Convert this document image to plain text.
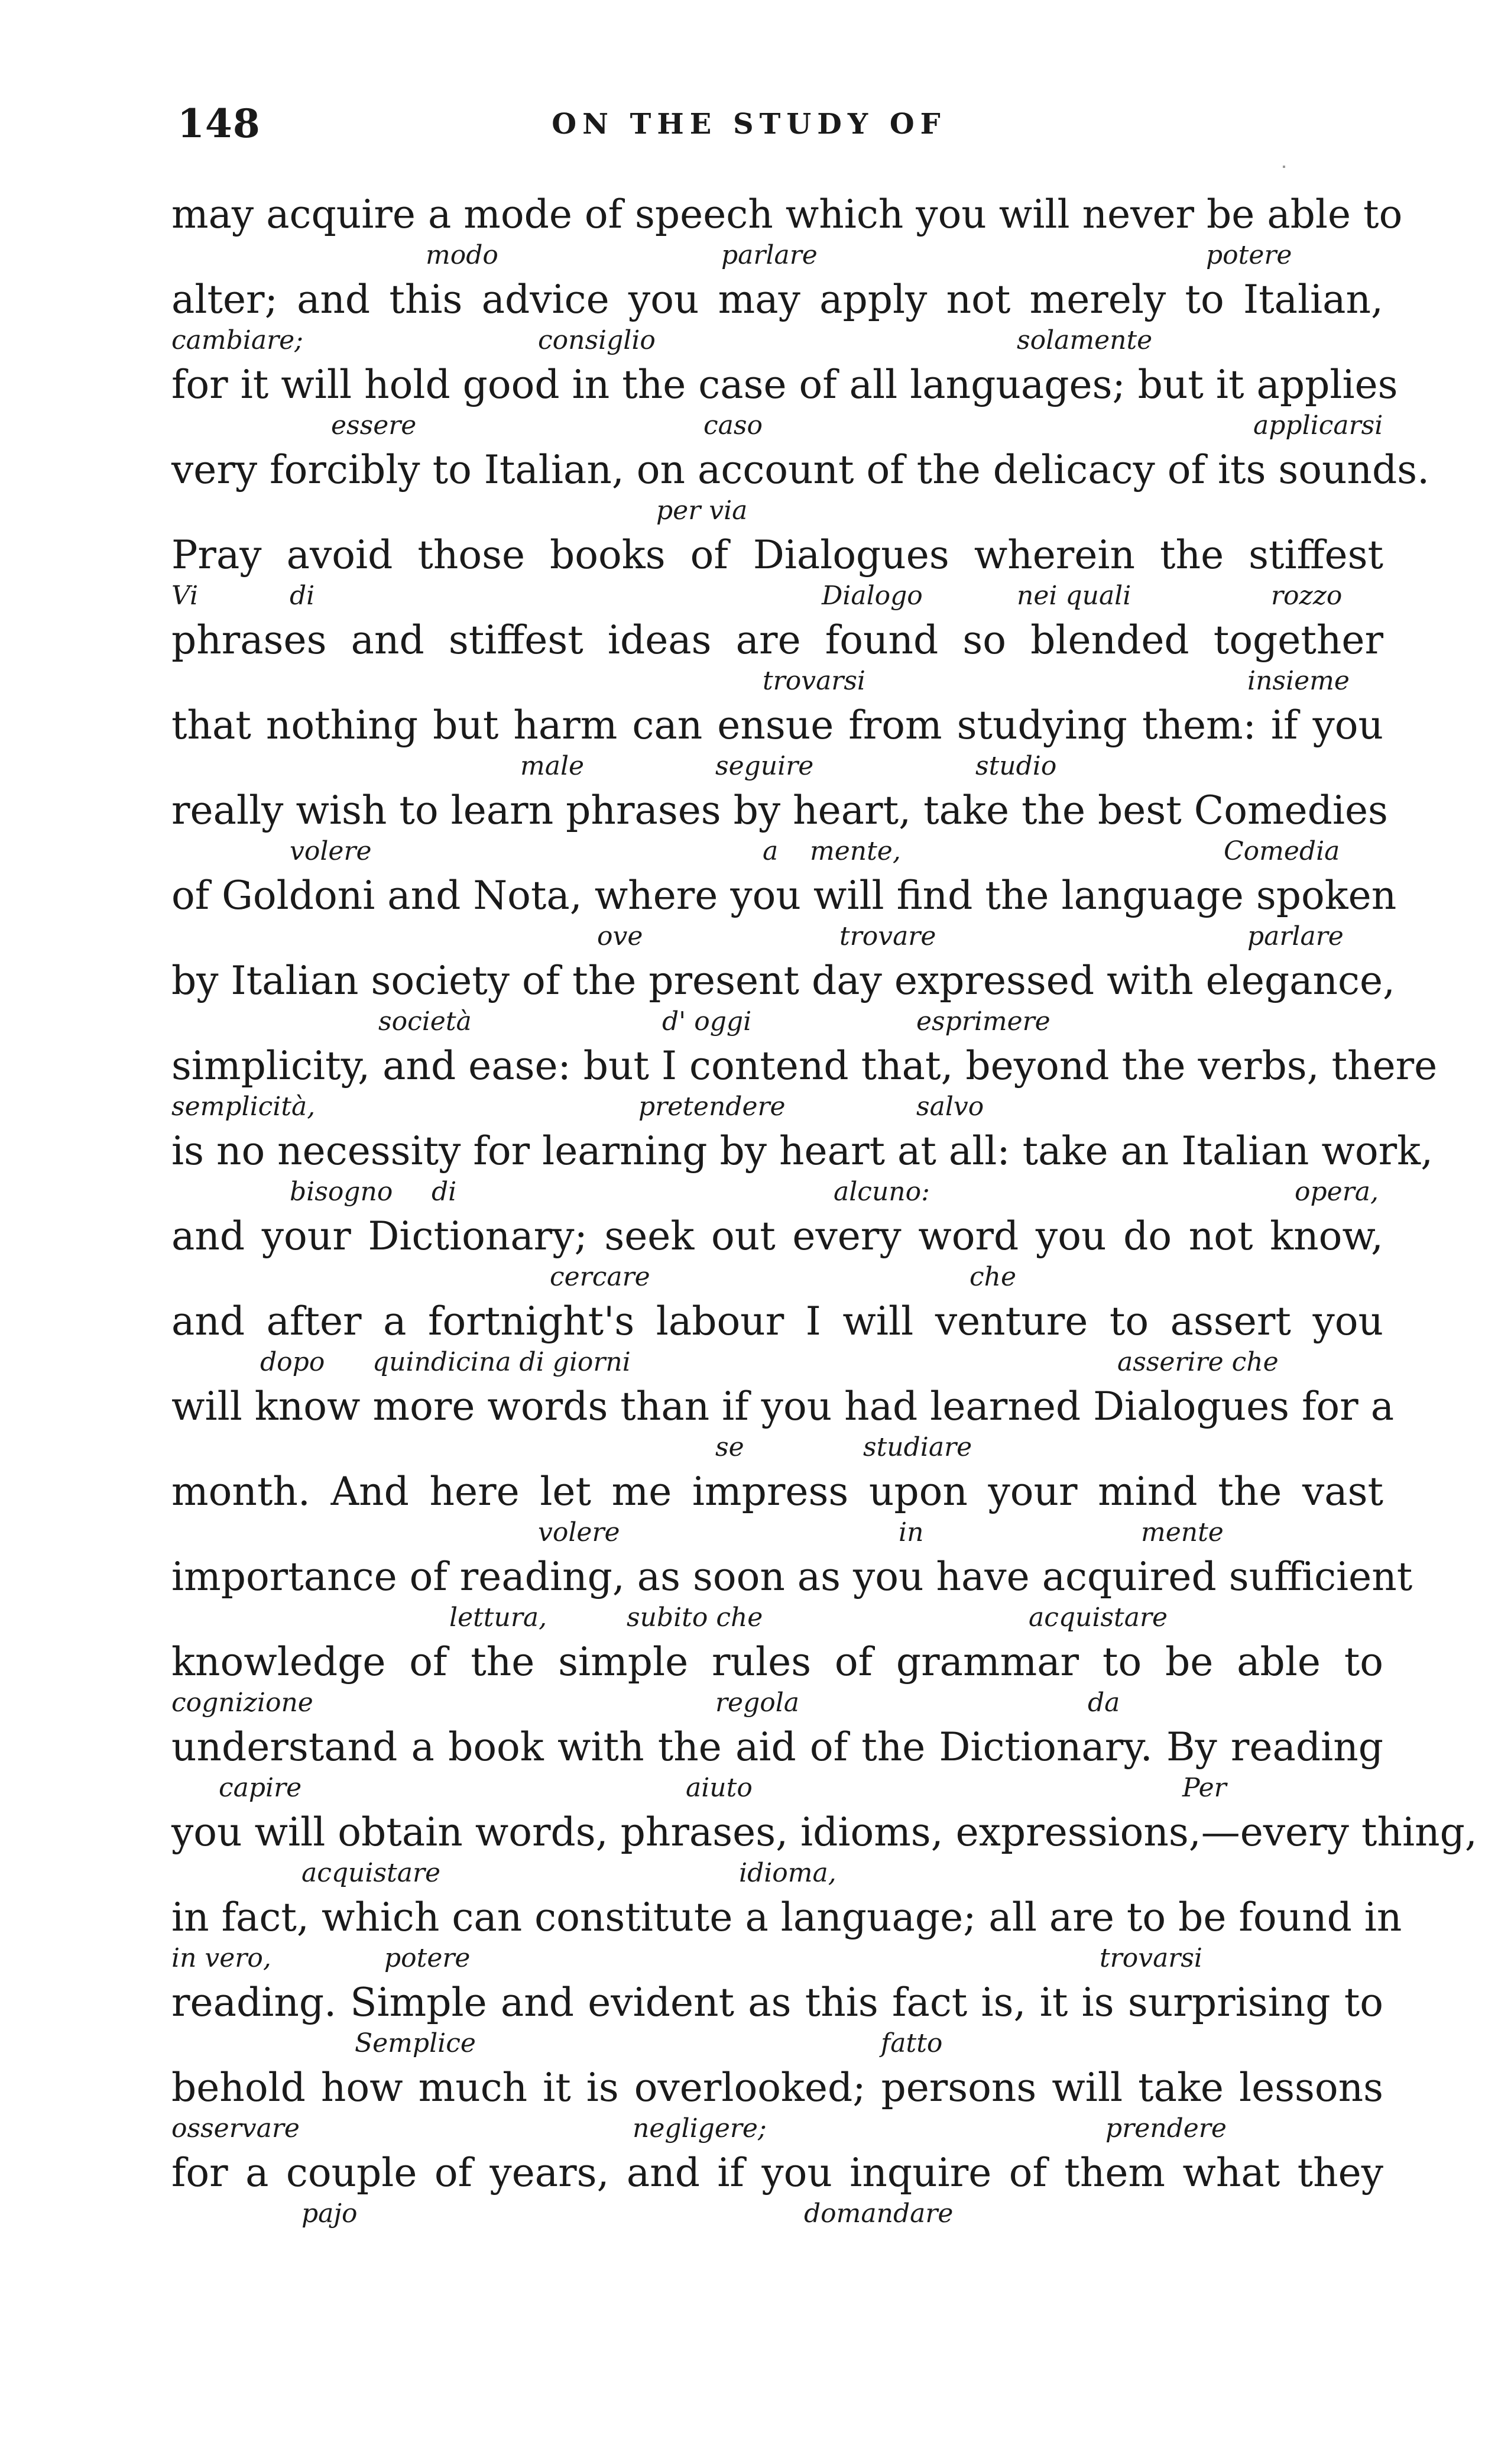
148	ON THE STUDY OF
may acquire a mode of speech which you will never be able to
modo	parlare	potere
alter; and this advice you may apply not merely to Italian,
cambiare;	consiglio	solamente
for it will hold good in the case of all languages; but it applies
essere	caso	applicarsi
very forcibly to Italian, on account of the delicacy of its sounds.
per via
Pray avoid those books of Dialogues wherein the stiffest
Vi	di	Dialogo	nei quali	rozzo
phrases and stiffest ideas are found so blended together
trovarsi	insieme
that nothing but harm can ensue from studying them: if you
male	seguire	studio
really wish to learn phrases by heart, take the best Comedies
volere	a mente,	Comedia
of Goldoni and Nota, where you will find the language spoken
ove	trovare	parlare
by Italian society of the present day expressed with elegance,
società	d' oggi	esprimere
simplicity, and ease: but I contend that, beyond the verbs, there
semplicità,	pretendere	salvo
is no necessity for learning by heart at all: take an Italian work,
bisogno di	alcuno:	opera,
and your Dictionary; seek out every word you do not know,
cercare	che
and after a fortnight's labour I will venture to assert you
dopo quindicina di giorni	asserire che
will know more words than if you had learned Dialogues for a
se	studiare
month. And here let me impress upon your mind the vast
volere	in	mente
importance of reading, as soon as you have acquired sufficient
lettura,	subito che	acquistare
knowledge of the simple rules of grammar to be able to
cognizione	regola	da
understand a book with the aid of the Dictionary. By reading
capire	aiuto	Per
you will obtain words, phrases, idioms, expressions,—every thing,
acquistare	idioma,
in fact, which can constitute a language; all are to be found in
in vero,	potere	trovarsi
reading. Simple and evident as this fact is, it is surprising to
Semplice	fatto
behold how much it is overlooked; persons will take lessons
osservare	negligere;	prendere
for a couple of years, and if you inquire of them what they
pajo	domandare
